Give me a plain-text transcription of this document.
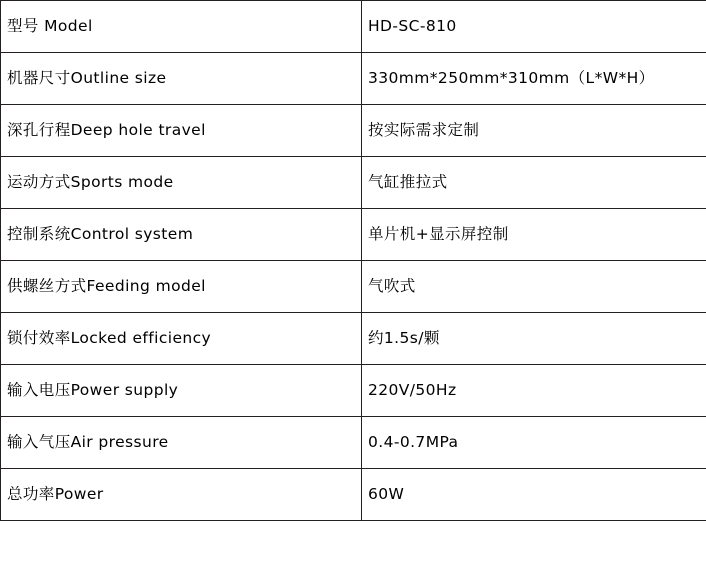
型号 Model	HD-SC-810
机器尺寸Outline size	330mm*250mm*310mm（L*W*H）
深孔行程Deep hole travel	按实际需求定制
运动方式Sports mode	气缸推拉式
控制系统Control system	单片机+显示屏控制
供螺丝方式Feeding model	气吹式
锁付效率Locked efficiency	约1.5s/颗
输入电压Power supply	220V/50Hz
输入气压Air pressure	0.4-0.7MPa
总功率Power	60W
